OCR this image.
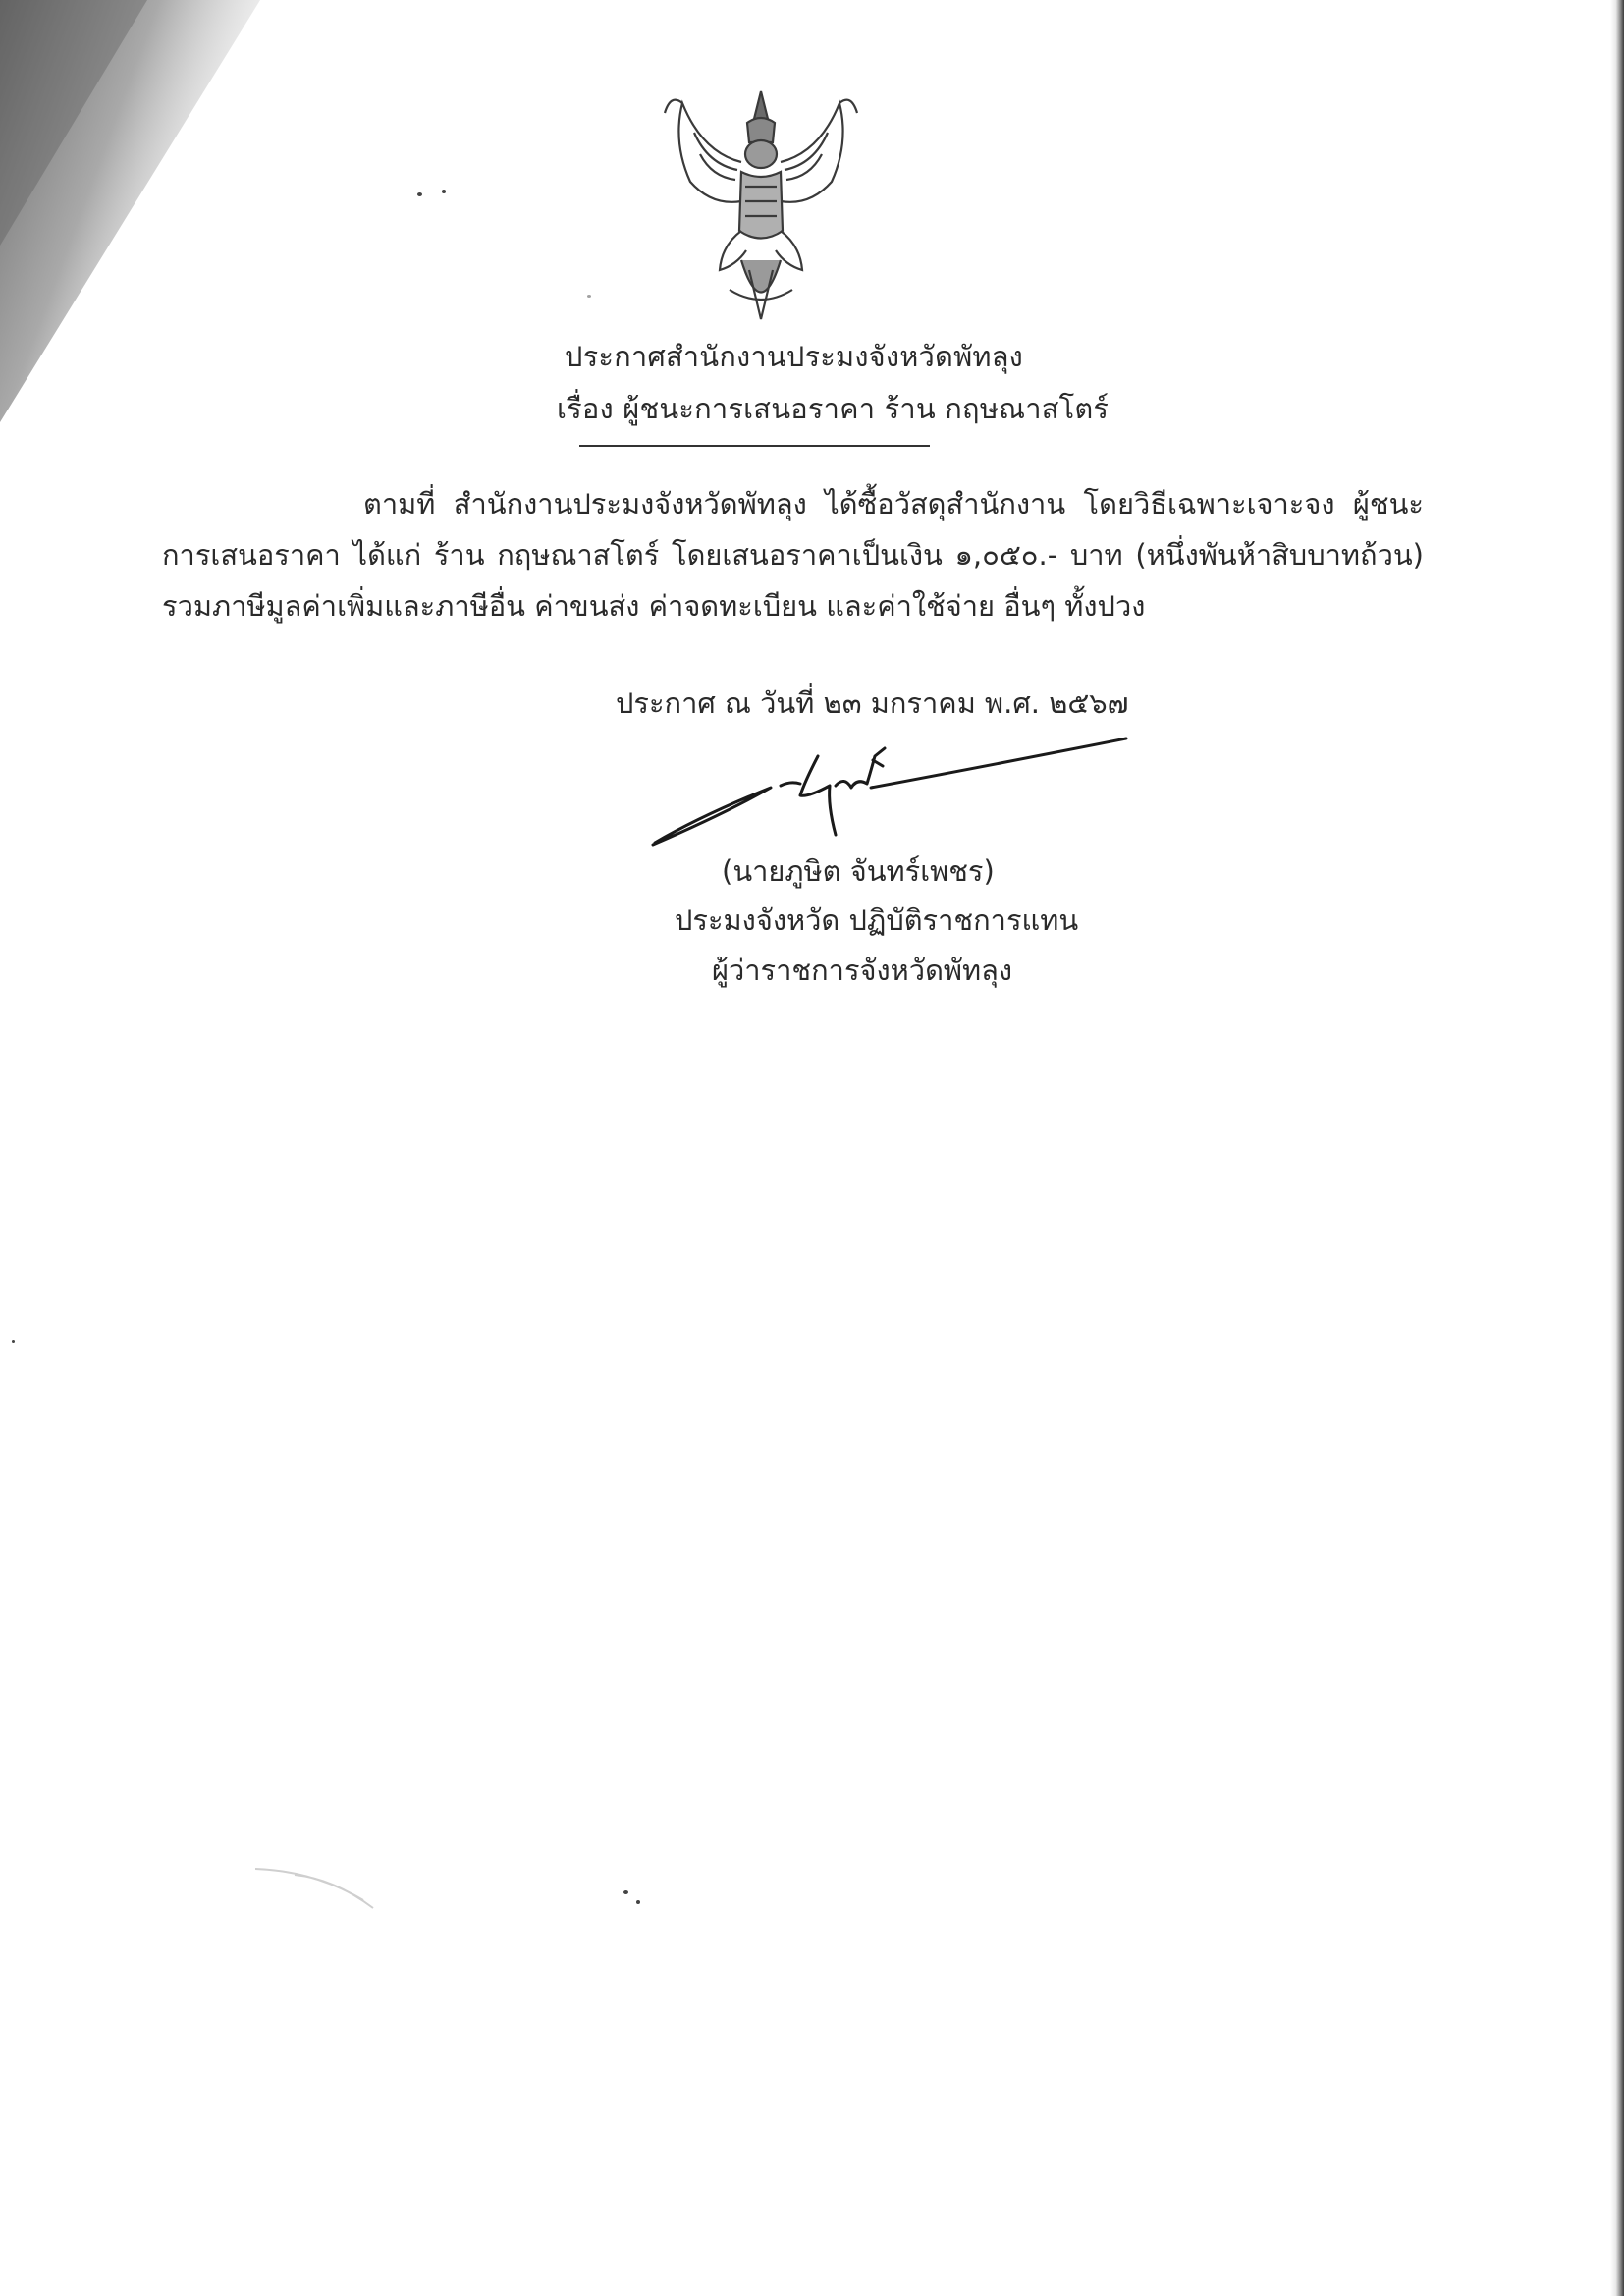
ประกาศสำนักงานประมงจังหวัดพัทลุง
เรื่อง ผู้ชนะการเสนอราคา ร้าน กฤษณาสโตร์

ตามที่ สำนักงานประมงจังหวัดพัทลุง ได้ซื้อวัสดุสำนักงาน โดยวิธีเฉพาะเจาะจง ผู้ชนะการเสนอราคา ได้แก่ ร้าน กฤษณาสโตร์ โดยเสนอราคาเป็นเงิน ๑,๐๕๐.- บาท (หนึ่งพันห้าสิบบาทถ้วน) รวมภาษีมูลค่าเพิ่มและภาษีอื่น ค่าขนส่ง ค่าจดทะเบียน และค่าใช้จ่าย อื่นๆ ทั้งปวง

ประกาศ ณ วันที่ ๒๓ มกราคม พ.ศ. ๒๕๖๗
(นายภูษิต จันทร์เพชร)
ประมงจังหวัด ปฏิบัติราชการแทน
ผู้ว่าราชการจังหวัดพัทลุง
